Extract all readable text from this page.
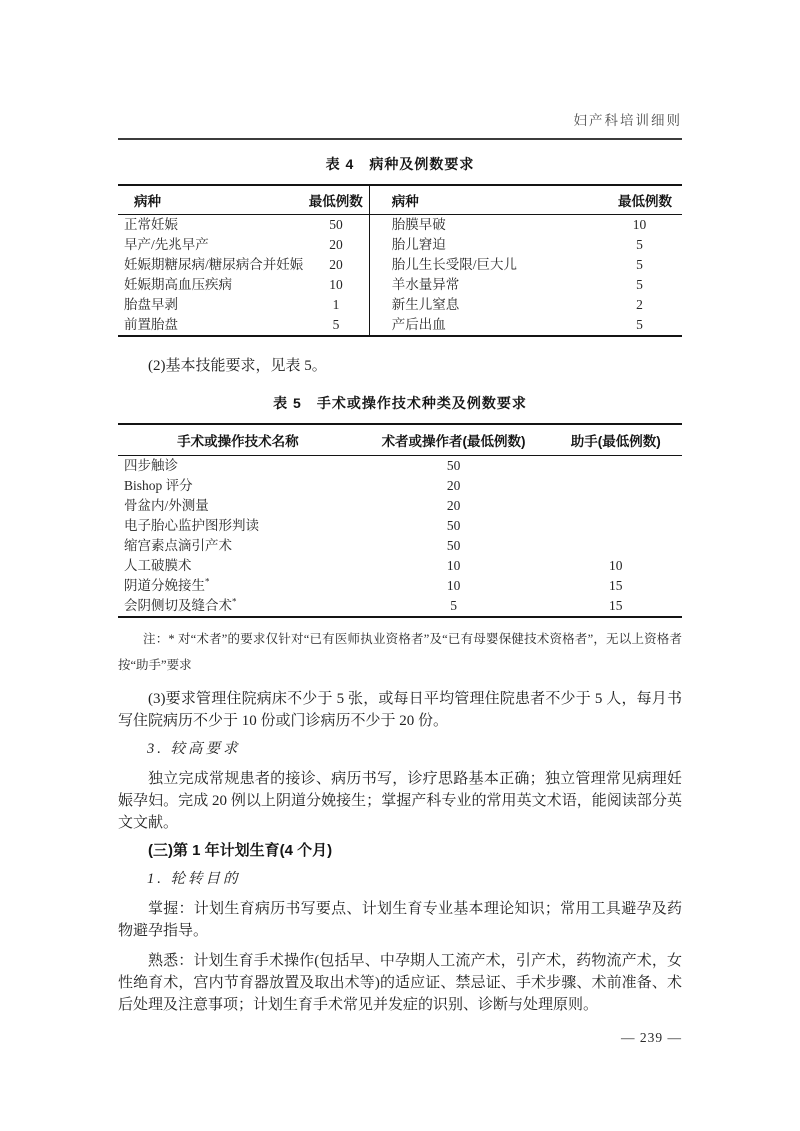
妇产科培训细则
表 4　病种及例数要求
病种	最低例数	病种	最低例数
正常妊娠	50	胎膜早破	10
早产/先兆早产	20	胎儿窘迫	5
妊娠期糖尿病/糖尿病合并妊娠	20	胎儿生长受限/巨大儿	5
妊娠期高血压疾病	10	羊水量异常	5
胎盘早剥	1	新生儿窒息	2
前置胎盘	5	产后出血	5

(2)基本技能要求，见表 5。

表 5　手术或操作技术种类及例数要求
手术或操作技术名称	术者或操作者(最低例数)	助手(最低例数)
四步触诊	50	
Bishop 评分	20	
骨盆内/外测量	20	
电子胎心监护图形判读	50	
缩宫素点滴引产术	50	
人工破膜术	10	10
阴道分娩接生*	10	15
会阴侧切及缝合术*	5	15

注：* 对“术者”的要求仅针对“已有医师执业资格者”及“已有母婴保健技术资格者”，无以上资格者按“助手”要求

(3)要求管理住院病床不少于 5 张，或每日平均管理住院患者不少于 5 人，每月书写住院病历不少于 10 份或门诊病历不少于 20 份。

3. 较高要求

独立完成常规患者的接诊、病历书写，诊疗思路基本正确；独立管理常见病理妊娠孕妇。完成 20 例以上阴道分娩接生；掌握产科专业的常用英文术语，能阅读部分英文文献。

(三)第 1 年计划生育(4 个月)

1. 轮转目的

掌握：计划生育病历书写要点、计划生育专业基本理论知识；常用工具避孕及药物避孕指导。

熟悉：计划生育手术操作(包括早、中孕期人工流产术，引产术，药物流产术，女性绝育术，宫内节育器放置及取出术等)的适应证、禁忌证、手术步骤、术前准备、术后处理及注意事项；计划生育手术常见并发症的识别、诊断与处理原则。

— 239 —
